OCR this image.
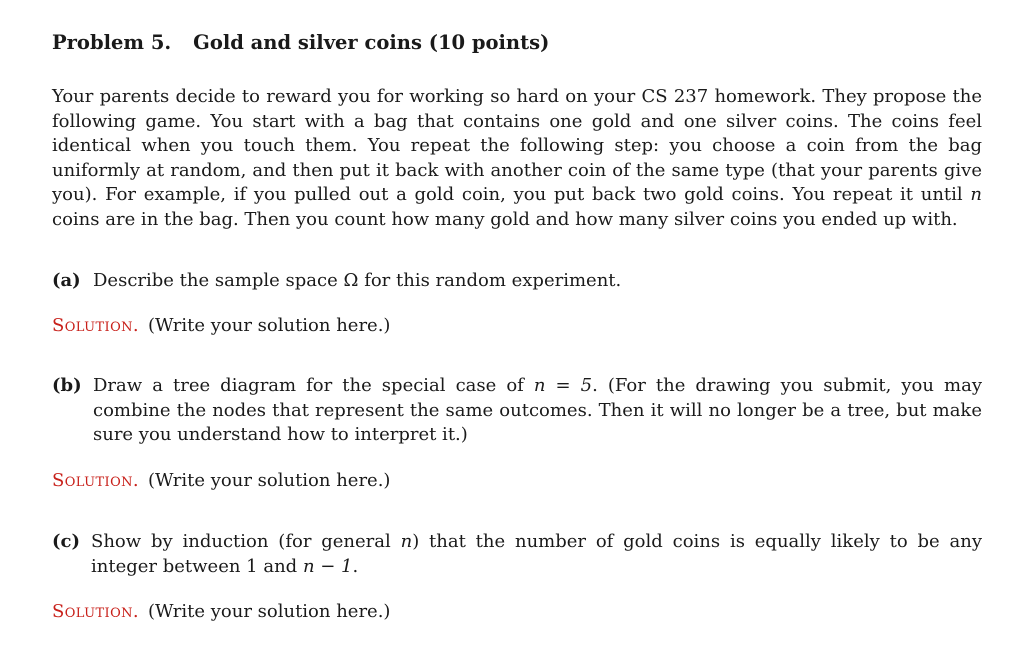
Problem 5. Gold and silver coins (10 points)

Your parents decide to reward you for working so hard on your CS 237 homework. They propose the following game. You start with a bag that contains one gold and one silver coins. The coins feel identical when you touch them. You repeat the following step: you choose a coin from the bag uniformly at random, and then put it back with another coin of the same type (that your parents give you). For example, if you pulled out a gold coin, you put back two gold coins. You repeat it until n coins are in the bag. Then you count how many gold and how many silver coins you ended up with.

(a) Describe the sample space Ω for this random experiment.

Solution. (Write your solution here.)

(b) Draw a tree diagram for the special case of n = 5. (For the drawing you submit, you may combine the nodes that represent the same outcomes. Then it will no longer be a tree, but make sure you understand how to interpret it.)

Solution. (Write your solution here.)

(c) Show by induction (for general n) that the number of gold coins is equally likely to be any integer between 1 and n − 1.

Solution. (Write your solution here.)
